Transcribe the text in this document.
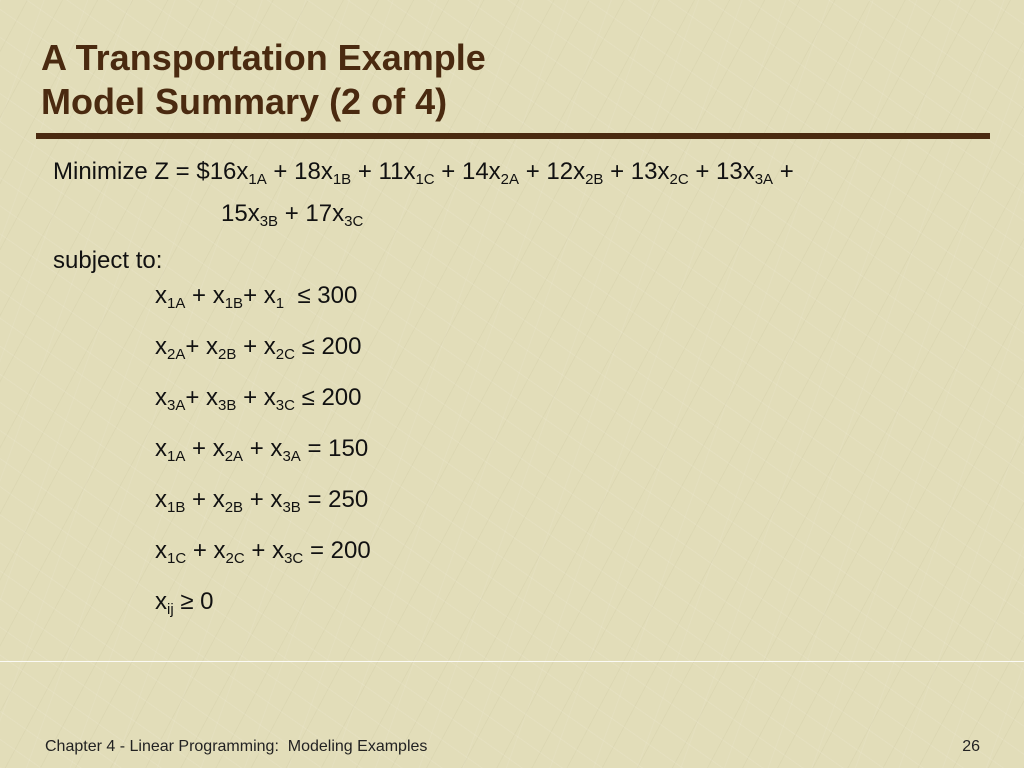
A Transportation Example
Model Summary (2 of 4)
Minimize $Z = \$16x_{1A} + 18x_{1B} + 11x_{1C} + 14x_{2A} + 12x_{2B} + 13x_{2C} + 13x_{3A}$ +
$15x_{3B} + 17x_{3C}$
subject to:
$x_{1A} + x_{1B}+ x_1 \le 300$
$x_{2A}+ x_{2B} + x_{2C} \le 200$
$x_{3A}+ x_{3B} + x_{3C} \le 200$
$x_{1A} + x_{2A} + x_{3A} = 150$
$x_{1B} + x_{2B} + x_{3B} = 250$
$x_{1C} + x_{2C} + x_{3C} = 200$
$x_{ij} \ge 0$
Chapter 4 - Linear Programming:  Modeling Examples	26
